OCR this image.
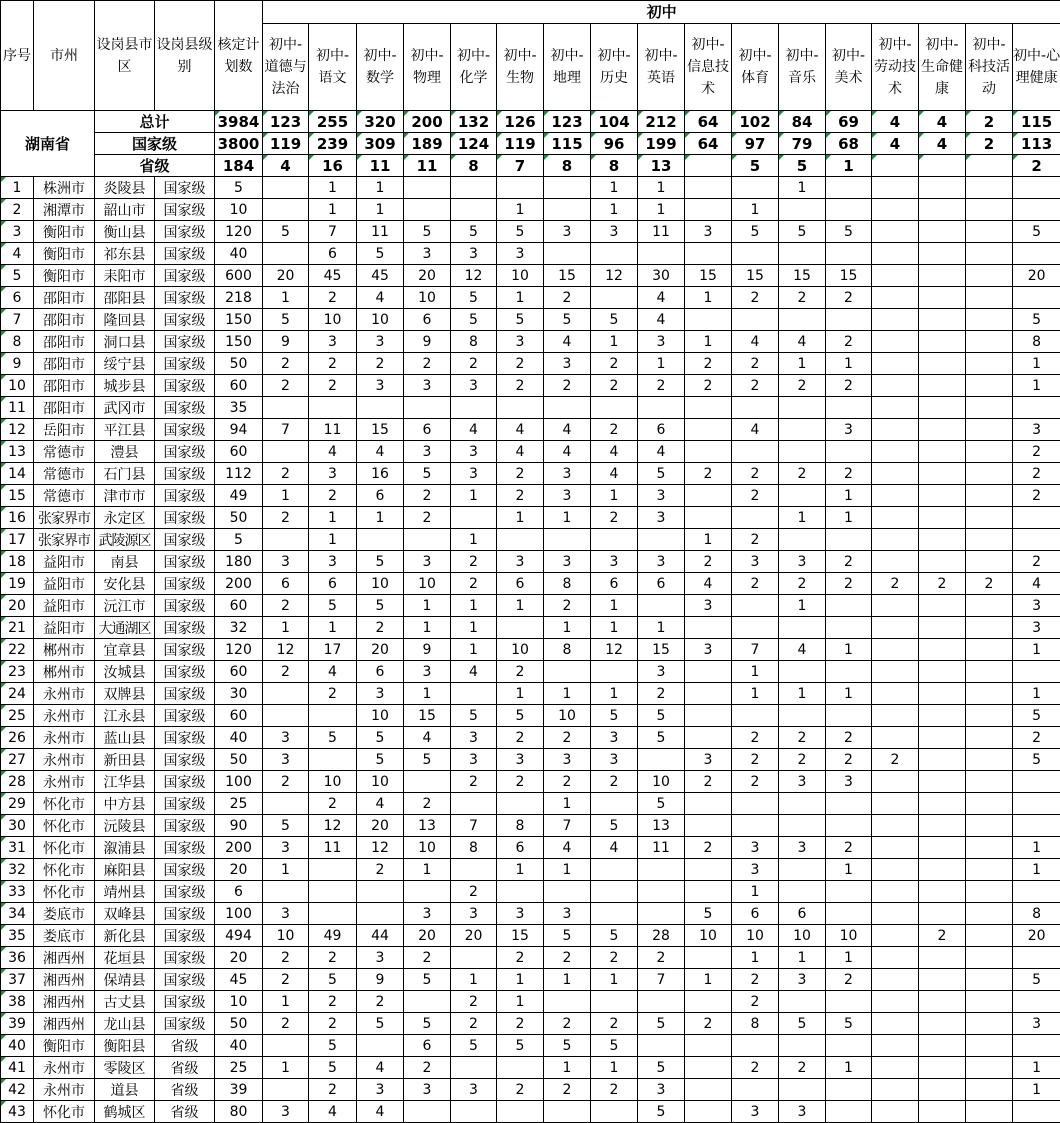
序号	市州	设岗县市区	设岗县级别	核定计划数	初中																
					初中-道德与法治	初中-语文	初中-数学	初中-物理	初中-化学	初中-生物	初中-地理	初中-历史	初中-英语	初中-信息技术	初中-体育	初中-音乐	初中-美术	初中-劳动技术	初中-生命健康	初中-科技活动	初中-心理健康
湖南省		总计		3984	123	255	320	200	132	126	123	104	212	64	102	84	69	4	4	2	115
		国家级		3800	119	239	309	189	124	119	115	96	199	64	97	79	68	4	4	2	113
		省级		184	4	16	11	11	8	7	8	8	13		5	5	1				2
1	株洲市	炎陵县	国家级	5		1	1					1	1			1					
2	湘潭市	韶山市	国家级	10		1	1			1		1	1		1						
3	衡阳市	衡山县	国家级	120	5	7	11	5	5	5	3	3	11	3	5	5	5				5
4	衡阳市	祁东县	国家级	40		6	5	3	3	3											
5	衡阳市	耒阳市	国家级	600	20	45	45	20	12	10	15	12	30	15	15	15	15				20
6	邵阳市	邵阳县	国家级	218	1	2	4	10	5	1	2		4	1	2	2	2				
7	邵阳市	隆回县	国家级	150	5	10	10	6	5	5	5	5	4								5
8	邵阳市	洞口县	国家级	150	9	3	3	9	8	3	4	1	3	1	4	4	2				8
9	邵阳市	绥宁县	国家级	50	2	2	2	2	2	2	3	2	1	2	2	1	1				1
10	邵阳市	城步县	国家级	60	2	2	3	3	3	2	2	2	2	2	2	2	2				1
11	邵阳市	武冈市	国家级	35																	
12	岳阳市	平江县	国家级	94	7	11	15	6	4	4	4	2	6		4		3				3
13	常德市	澧县	国家级	60		4	4	3	3	4	4	4	4								2
14	常德市	石门县	国家级	112	2	3	16	5	3	2	3	4	5	2	2	2	2				2
15	常德市	津市市	国家级	49	1	2	6	2	1	2	3	1	3		2		1				2
16	张家界市	永定区	国家级	50	2	1	1	2		1	1	2	3			1	1				
17	张家界市	武陵源区	国家级	5		1			1					1	2						
18	益阳市	南县	国家级	180	3	3	5	3	2	3	3	3	3	2	3	3	2				2
19	益阳市	安化县	国家级	200	6	6	10	10	2	6	8	6	6	4	2	2	2	2	2	2	4
20	益阳市	沅江市	国家级	60	2	5	5	1	1	1	2	1		3		1					3
21	益阳市	大通湖区	国家级	32	1	1	2	1	1		1	1	1								3
22	郴州市	宜章县	国家级	120	12	17	20	9	1	10	8	12	15	3	7	4	1				1
23	郴州市	汝城县	国家级	60	2	4	6	3	4	2			3		1						
24	永州市	双牌县	国家级	30		2	3	1		1	1	1	2		1	1	1				1
25	永州市	江永县	国家级	60			10	15	5	5	10	5	5								5
26	永州市	蓝山县	国家级	40	3	5	5	4	3	2	2	3	5		2	2	2				2
27	永州市	新田县	国家级	50	3		5	5	3	3	3	3		3	2	2	2	2			5
28	永州市	江华县	国家级	100	2	10	10		2	2	2	2	10	2	2	3	3				
29	怀化市	中方县	国家级	25		2	4	2			1		5								
30	怀化市	沅陵县	国家级	90	5	12	20	13	7	8	7	5	13								
31	怀化市	溆浦县	国家级	200	3	11	12	10	8	6	4	4	11	2	3	3	2				1
32	怀化市	麻阳县	国家级	20	1		2	1		1	1				3		1				1
33	怀化市	靖州县	国家级	6					2						1						
34	娄底市	双峰县	国家级	100	3			3	3	3	3			5	6	6					8
35	娄底市	新化县	国家级	494	10	49	44	20	20	15	5	5	28	10	10	10	10		2		20
36	湘西州	花垣县	国家级	20	2	2	3	2		2	2	2	2		1	1	1				
37	湘西州	保靖县	国家级	45	2	5	9	5	1	1	1	1	7	1	2	3	2				5
38	湘西州	古丈县	国家级	10	1	2	2		2	1					2						
39	湘西州	龙山县	国家级	50	2	2	5	5	2	2	2	2	5	2	8	5	5				3
40	衡阳市	衡阳县	省级	40		5		6	5	5	5	5									
41	永州市	零陵区	省级	25	1	5	4	2			1	1	5		2	2	1				1
42	永州市	道县	省级	39		2	3	3	3	2	2	2	3								1
43	怀化市	鹤城区	省级	80	3	4	4						5		3	3					
